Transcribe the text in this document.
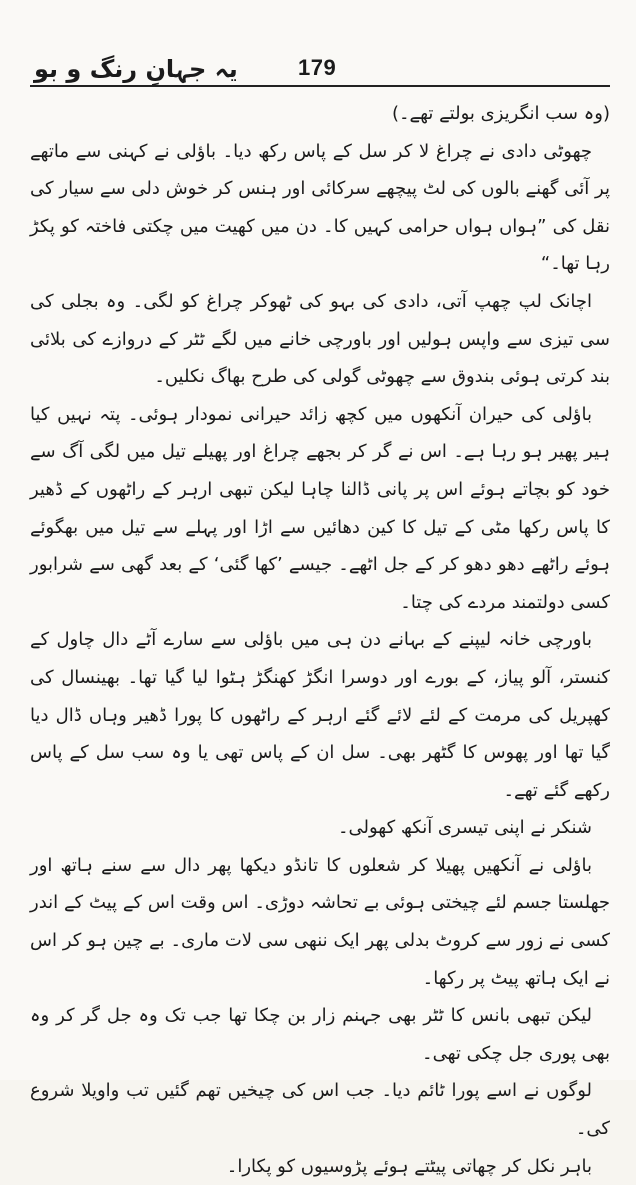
یہ جہانِ رنگ و بو	179

(وہ سب انگریزی بولتے تھے۔)

چھوٹی دادی نے چراغ لا کر سل کے پاس رکھ دیا۔ باؤلی نے کہنی سے ماتھے پر آئی گھنے بالوں کی لٹ پیچھے سرکائی اور ہنس کر خوش دلی سے سیار کی نقل کی ”ہواں ہواں حرامی کہیں کا۔ دن میں کھیت میں چکتی فاختہ کو پکڑ رہا تھا۔“

اچانک لپ چھپ آتی، دادی کی بہو کی ٹھوکر چراغ کو لگی۔ وہ بجلی کی سی تیزی سے واپس ہولیں اور باورچی خانے میں لگے ٹٹر کے دروازے کی بلائی بند کرتی ہوئی بندوق سے چھوٹی گولی کی طرح بھاگ نکلیں۔

باؤلی کی حیران آنکھوں میں کچھ زائد حیرانی نمودار ہوئی۔ پتہ نہیں کیا ہیر پھیر ہو رہا ہے۔ اس نے گر کر بجھے چراغ اور پھیلے تیل میں لگی آگ سے خود کو بچاتے ہوئے اس پر پانی ڈالنا چاہا لیکن تبھی ارہر کے راٹھوں کے ڈھیر کا پاس رکھا مٹی کے تیل کا کین دھائیں سے اڑا اور پہلے سے تیل میں بھگوئے ہوئے راٹھے دھو دھو کر کے جل اٹھے۔ جیسے ’کھا گئی‘ کے بعد گھی سے شرابور کسی دولتمند مردے کی چتا۔

باورچی خانہ لیپنے کے بہانے دن ہی میں باؤلی سے سارے آٹے دال چاول کے کنستر، آلو پیاز، کے بورے اور دوسرا انگڑ کھنگڑ ہٹوا لیا گیا تھا۔ بھینسال کی کھپریل کی مرمت کے لئے لائے گئے ارہر کے راٹھوں کا پورا ڈھیر وہاں ڈال دیا گیا تھا اور پھوس کا گٹھر بھی۔ سل ان کے پاس تھی یا وہ سب سل کے پاس رکھے گئے تھے۔

شنکر نے اپنی تیسری آنکھ کھولی۔

باؤلی نے آنکھیں پھیلا کر شعلوں کا تانڈو دیکھا پھر دال سے سنے ہاتھ اور جھلستا جسم لئے چیختی ہوئی بے تحاشہ دوڑی۔ اس وقت اس کے پیٹ کے اندر کسی نے زور سے کروٹ بدلی پھر ایک ننھی سی لات ماری۔ بے چین ہو کر اس نے ایک ہاتھ پیٹ پر رکھا۔

لیکن تبھی بانس کا ٹٹر بھی جہنم زار بن چکا تھا جب تک وہ جل گر کر وہ بھی پوری جل چکی تھی۔

لوگوں نے اسے پورا ٹائم دیا۔ جب اس کی چیخیں تھم گئیں تب واویلا شروع کی۔

باہر نکل کر چھاتی پیٹتے ہوئے پڑوسیوں کو پکارا۔
